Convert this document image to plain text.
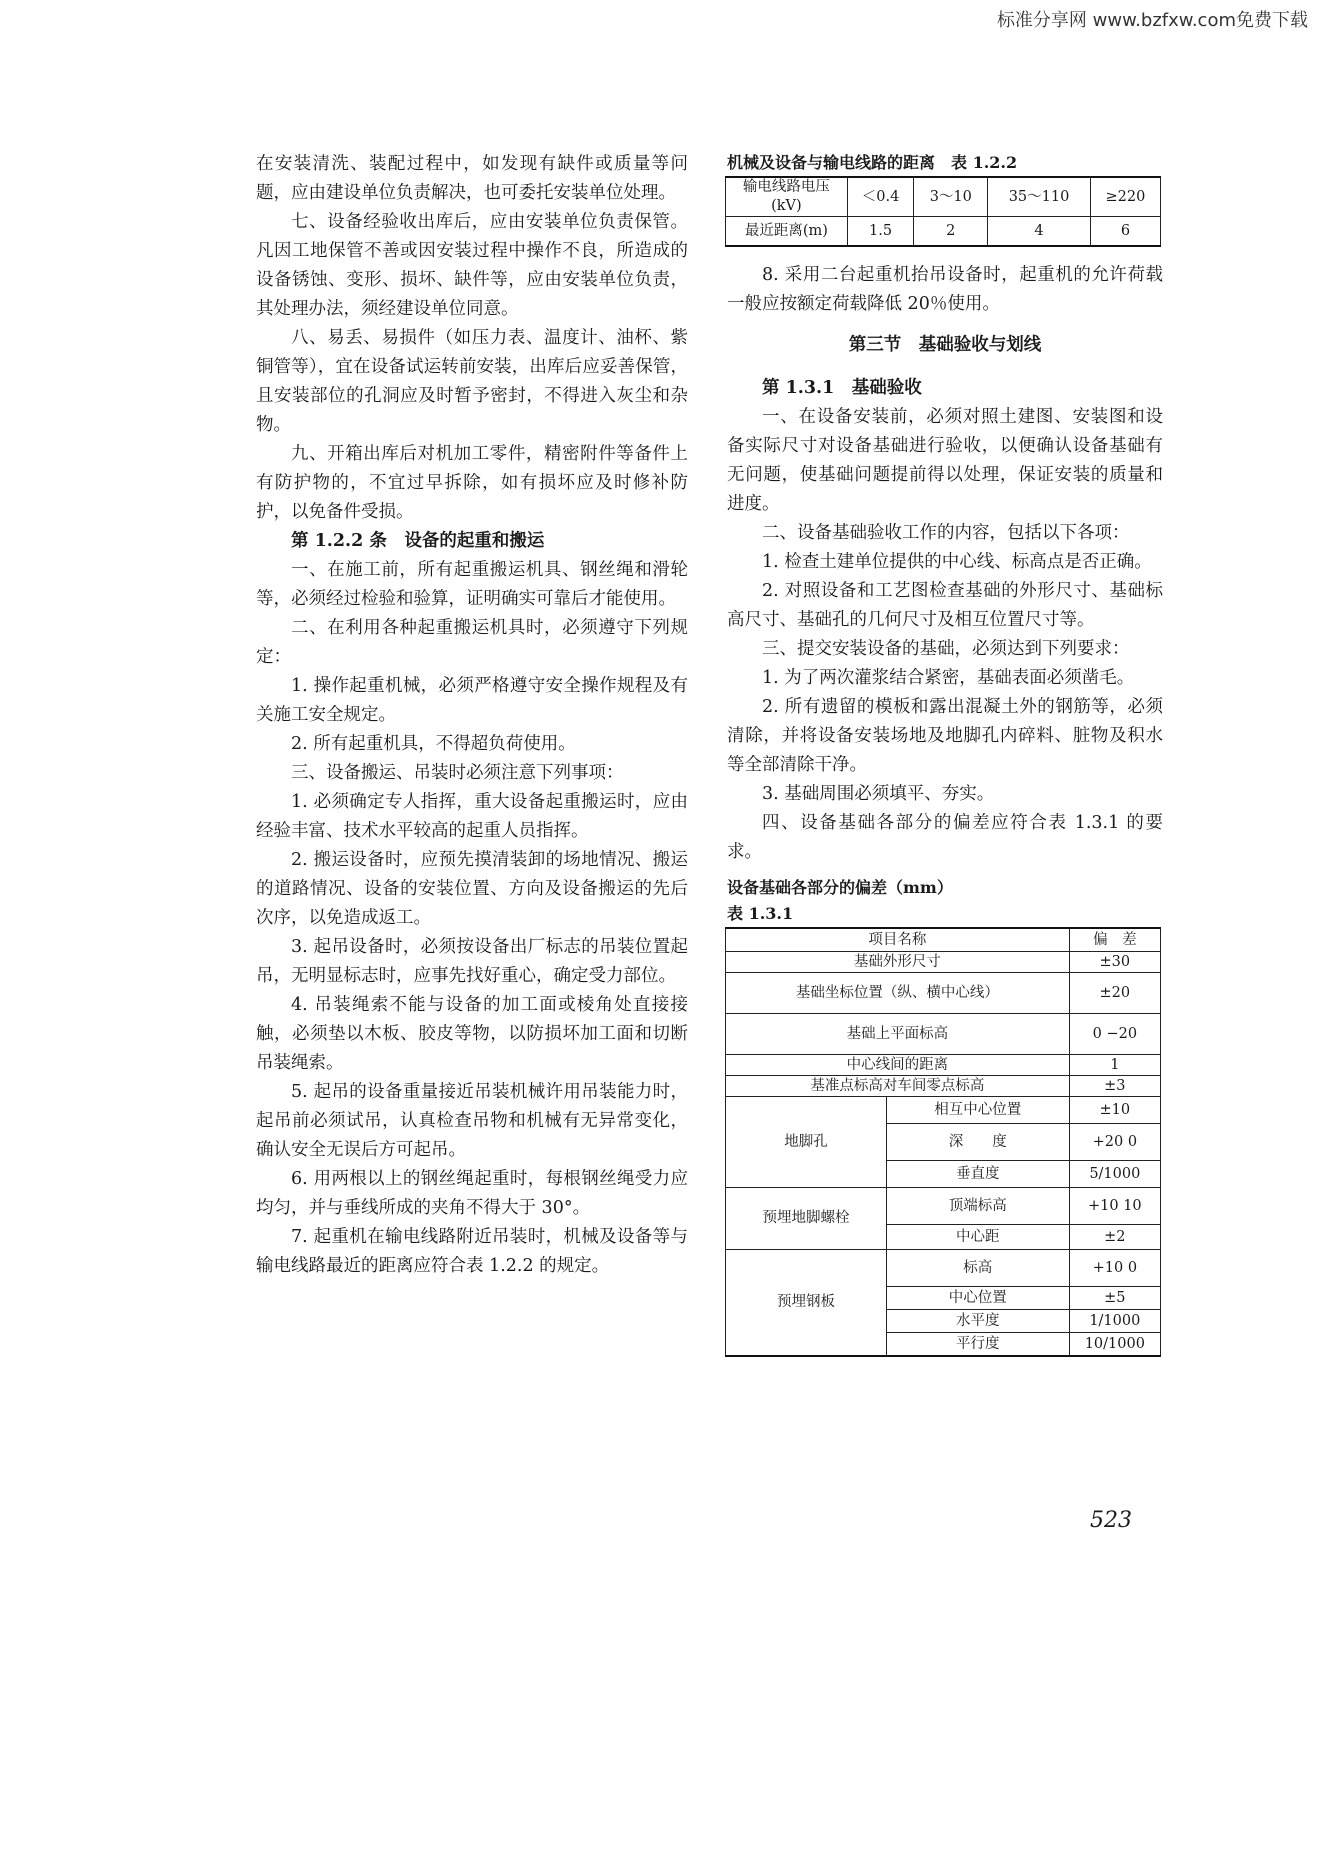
标准分享网 www.bzfxw.com免费下载

在安装清洗、装配过程中，如发现有缺件或质量等问题，应由建设单位负责解决，也可委托安装单位处理。

七、设备经验收出库后，应由安装单位负责保管。凡因工地保管不善或因安装过程中操作不良，所造成的设备锈蚀、变形、损坏、缺件等，应由安装单位负责，其处理办法，须经建设单位同意。

八、易丢、易损件（如压力表、温度计、油杯、紫铜管等），宜在设备试运转前安装，出库后应妥善保管，且安装部位的孔洞应及时暂予密封，不得进入灰尘和杂物。

九、开箱出库后对机加工零件，精密附件等备件上有防护物的，不宜过早拆除，如有损坏应及时修补防护，以免备件受损。

第 1.2.2 条　设备的起重和搬运

一、在施工前，所有起重搬运机具、钢丝绳和滑轮等，必须经过检验和验算，证明确实可靠后才能使用。

二、在利用各种起重搬运机具时，必须遵守下列规定：

1. 操作起重机械，必须严格遵守安全操作规程及有关施工安全规定。

2. 所有起重机具，不得超负荷使用。

三、设备搬运、吊装时必须注意下列事项：

1. 必须确定专人指挥，重大设备起重搬运时，应由经验丰富、技术水平较高的起重人员指挥。

2. 搬运设备时，应预先摸清装卸的场地情况、搬运的道路情况、设备的安装位置、方向及设备搬运的先后次序，以免造成返工。

3. 起吊设备时，必须按设备出厂标志的吊装位置起吊，无明显标志时，应事先找好重心，确定受力部位。

4. 吊装绳索不能与设备的加工面或棱角处直接接触，必须垫以木板、胶皮等物，以防损坏加工面和切断吊装绳索。

5. 起吊的设备重量接近吊装机械许用吊装能力时，起吊前必须试吊，认真检查吊物和机械有无异常变化，确认安全无误后方可起吊。

6. 用两根以上的钢丝绳起重时，每根钢丝绳受力应均匀，并与垂线所成的夹角不得大于 30°。

7. 起重机在输电线路附近吊装时，机械及设备等与输电线路最近的距离应符合表 1.2.2 的规定。

机械及设备与输电线路的距离　表 1.2.2

输电线路电压(kV)	＜0.4	3～10	35～110	≥220
最近距离(m)	1.5	2	4	6

8. 采用二台起重机抬吊设备时，起重机的允许荷载一般应按额定荷载降低 20％使用。

第三节　基础验收与划线

第 1.3.1　基础验收

一、在设备安装前，必须对照土建图、安装图和设备实际尺寸对设备基础进行验收，以便确认设备基础有无问题，使基础问题提前得以处理，保证安装的质量和进度。

二、设备基础验收工作的内容，包括以下各项：

1. 检查土建单位提供的中心线、标高点是否正确。

2. 对照设备和工艺图检查基础的外形尺寸、基础标高尺寸、基础孔的几何尺寸及相互位置尺寸等。

三、提交安装设备的基础，必须达到下列要求：

1. 为了两次灌浆结合紧密，基础表面必须凿毛。

2. 所有遗留的模板和露出混凝土外的钢筋等，必须清除，并将设备安装场地及地脚孔内碎料、脏物及积水等全部清除干净。

3. 基础周围必须填平、夯实。

四、设备基础各部分的偏差应符合表 1.3.1 的要求。

设备基础各部分的偏差（mm）

表 1.3.1

项目名称		偏　差
基础外形尺寸		±30
基础坐标位置（纵、横中心线）		±20
基础上平面标高		0 −20
中心线间的距离		1
基准点标高对车间零点标高		±3
地脚孔	相互中心位置	±10
	深　　度	+20 0
	垂直度	5/1000
预埋地脚螺栓	顶端标高	+10 10
	中心距	±2
预埋钢板	标高	+10 0
	中心位置	±5
	水平度	1/1000
	平行度	10/1000
523
